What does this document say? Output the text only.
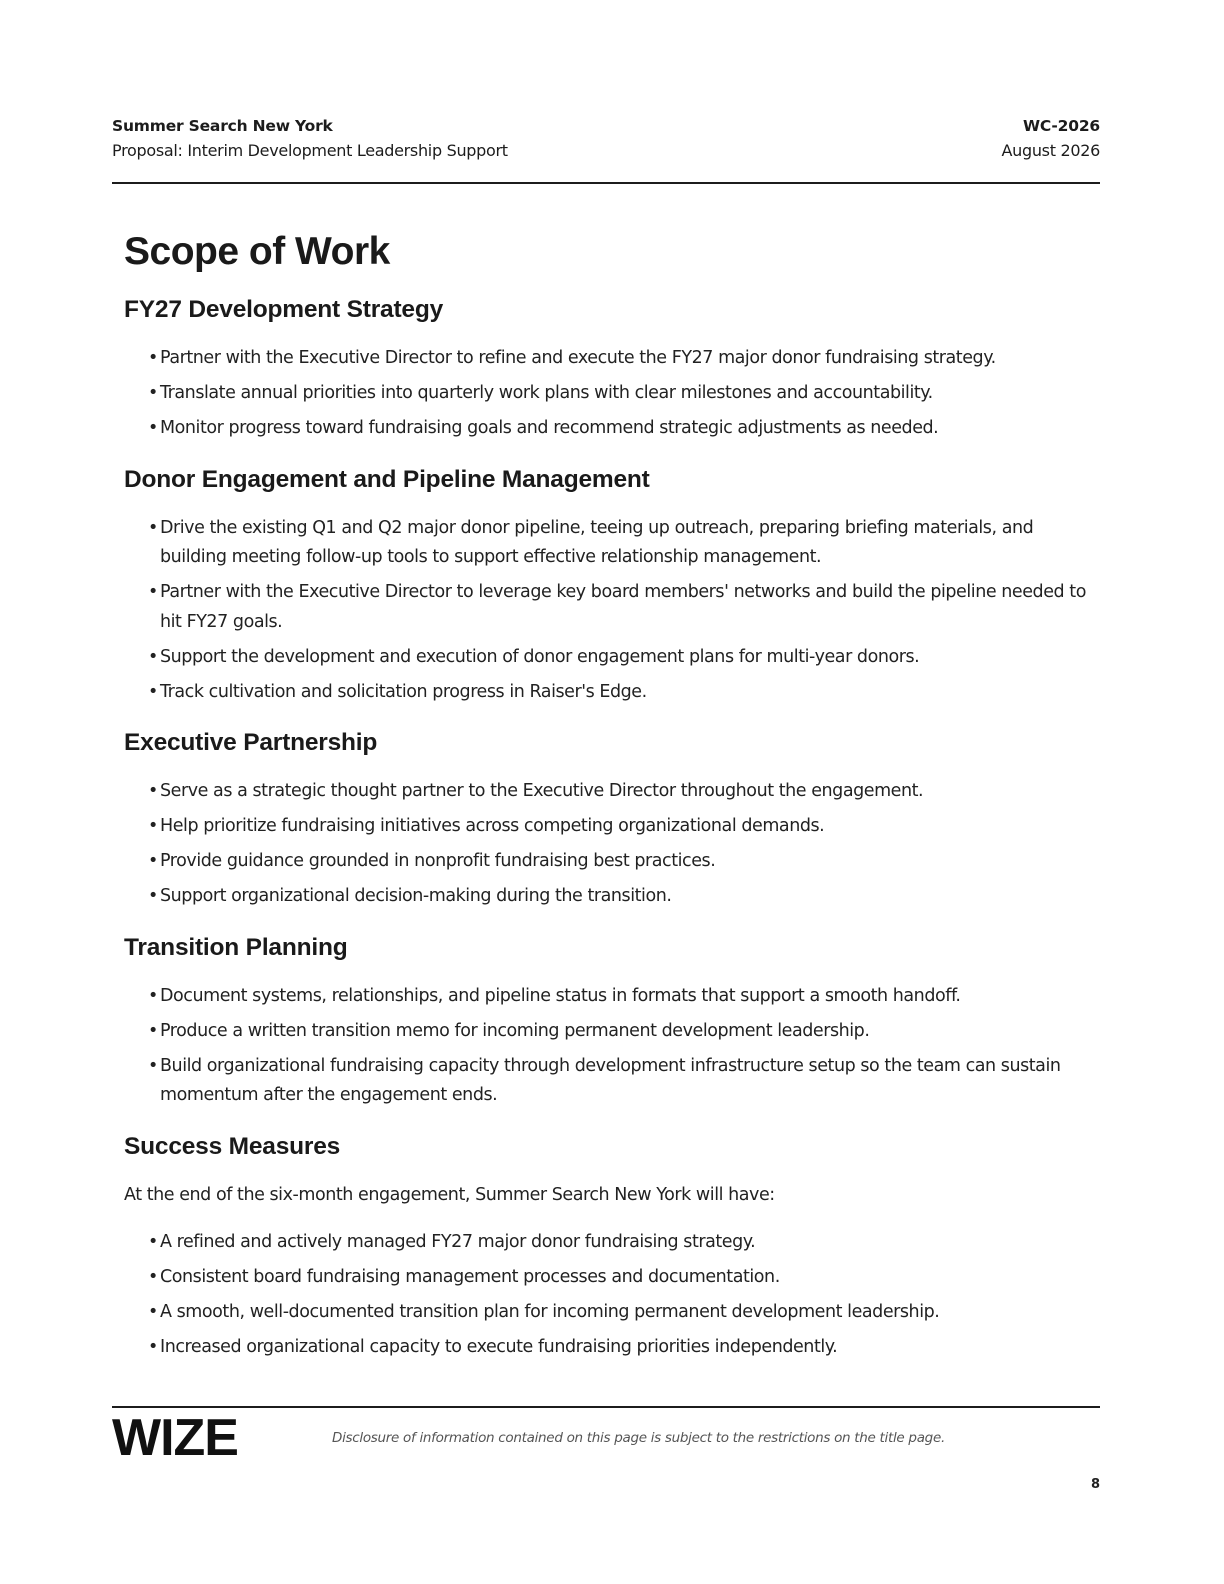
Summer Search New York
Proposal: Interim Development Leadership Support
WC-2026
August 2026
Scope of Work
FY27 Development Strategy
• Partner with the Executive Director to refine and execute the FY27 major donor fundraising strategy.
• Translate annual priorities into quarterly work plans with clear milestones and accountability.
• Monitor progress toward fundraising goals and recommend strategic adjustments as needed.
Donor Engagement and Pipeline Management
• Drive the existing Q1 and Q2 major donor pipeline, teeing up outreach, preparing briefing materials, and building meeting follow-up tools to support effective relationship management.
• Partner with the Executive Director to leverage key board members' networks and build the pipeline needed to hit FY27 goals.
• Support the development and execution of donor engagement plans for multi-year donors.
• Track cultivation and solicitation progress in Raiser's Edge.
Executive Partnership
• Serve as a strategic thought partner to the Executive Director throughout the engagement.
• Help prioritize fundraising initiatives across competing organizational demands.
• Provide guidance grounded in nonprofit fundraising best practices.
• Support organizational decision-making during the transition.
Transition Planning
• Document systems, relationships, and pipeline status in formats that support a smooth handoff.
• Produce a written transition memo for incoming permanent development leadership.
• Build organizational fundraising capacity through development infrastructure setup so the team can sustain momentum after the engagement ends.
Success Measures

At the end of the six-month engagement, Summer Search New York will have:

• A refined and actively managed FY27 major donor fundraising strategy.
• Consistent board fundraising management processes and documentation.
• A smooth, well-documented transition plan for incoming permanent development leadership.
• Increased organizational capacity to execute fundraising priorities independently.
WIZE	Disclosure of information contained on this page is subject to the restrictions on the title page.
8
